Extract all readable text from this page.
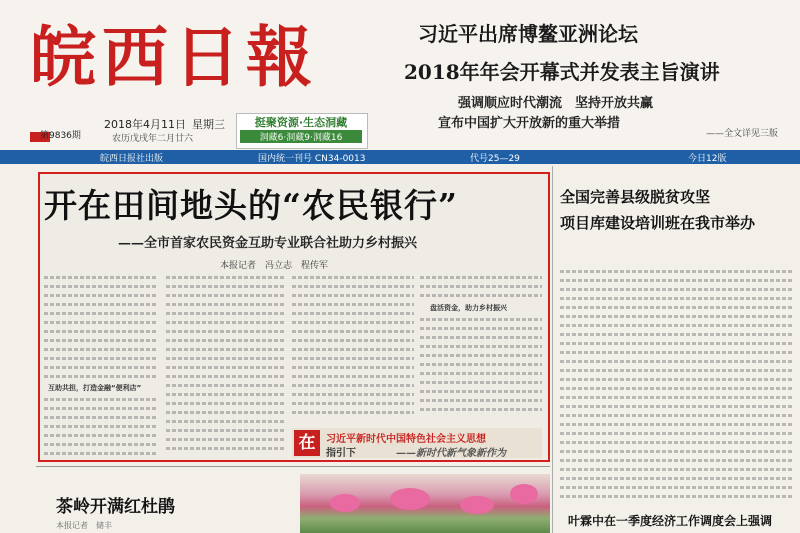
皖西日報
第9836期
2018年4月11日 星期三
农历戊戌年二月廿六
挺聚资源·生态洞藏
洞藏6·洞藏9·洞藏16
习近平出席博鳌亚洲论坛
2018年年会开幕式并发表主旨演讲
强调顺应时代潮流　坚持开放共赢
宣布中国扩大开放新的重大举措
——全文详见三版
皖西日报社出版	国内统一刊号 CN34-0013	代号25—29	今日12版
开在田间地头的“农民银行”
——全市首家农民资金互助专业联合社助力乡村振兴
本报记者　冯立志　程传军
互助共担，打造金融“便利店”
盘活资金，助力乡村振兴
在	习近平新时代中国特色社会主义思想
指引下	——新时代新气象新作为
全国完善县级脱贫攻坚
项目库建设培训班在我市举办
叶霖中在一季度经济工作调度会上强调
茶岭开满红杜鹃
本报记者　储丰
